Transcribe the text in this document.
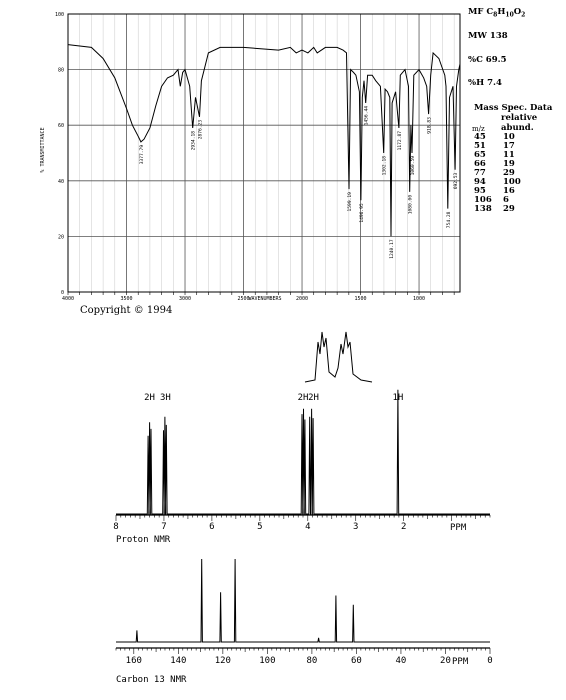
3377.79
2934.18
2876.23
1599.19
1496.95
1456.44
1302.18
1240.17
1172.87
1080.00
1060.59
918.83
754.28
692.53
100
80
60
40
20
0
4000	3500	3000	2500	2000	1500	1000
% TRANSMITTANCE
WAVENUMBERS
Copyright © 1994
MF $C_8H_{10}O_2$
MW 138
%C 69.5
%H 7.4
Mass Spec. Data
relative
m/z abund.
45 10
51 17
65 11
66 19
77 29
94 100
95 16
106 6
138 29
2H 3H	2H 2H	1H
8	7	6	5	4	3	2	PPM
Proton NMR
160	140	120	100	80	60	40	20	0
PPM
Carbon 13 NMR
